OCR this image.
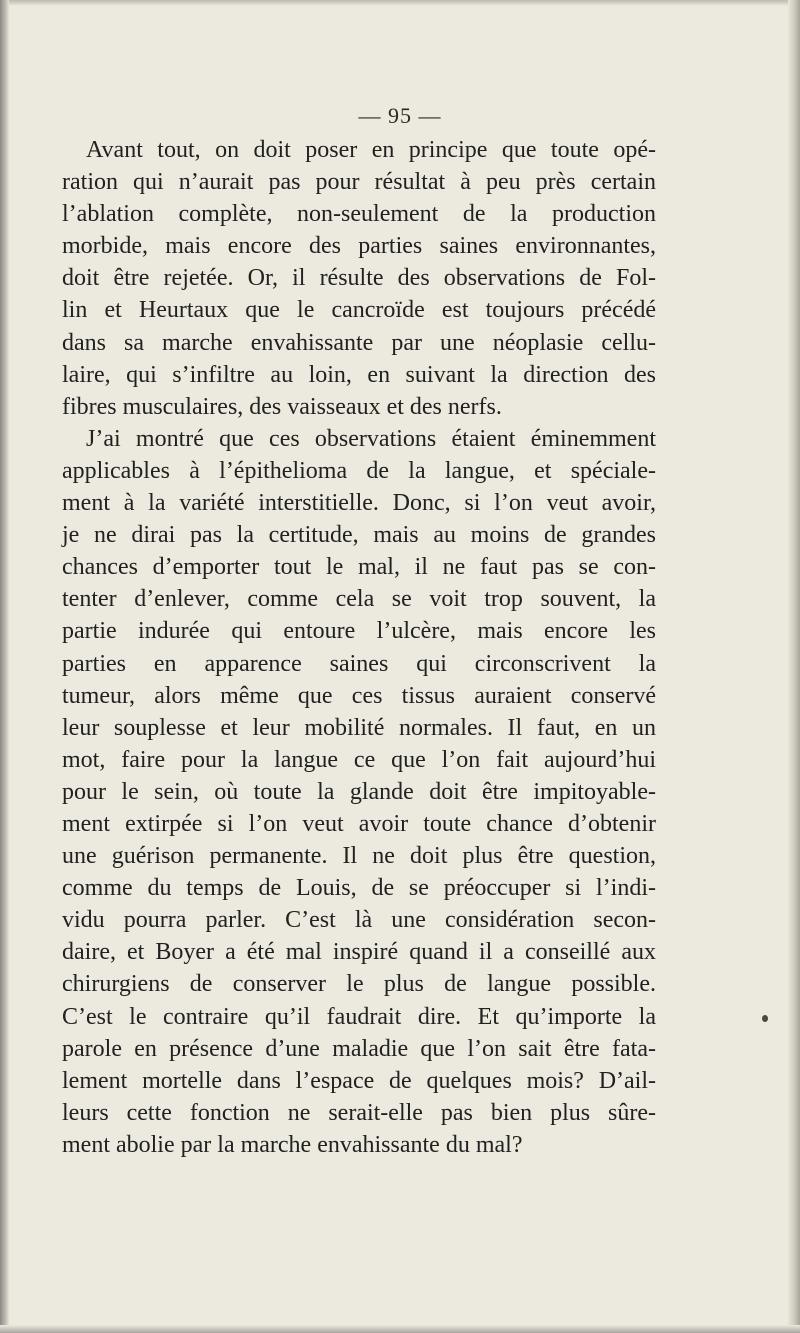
— 95 —
Avant tout, on doit poser en principe que toute opé-
ration qui n’aurait pas pour résultat à peu près certain
l’ablation complète, non-seulement de la production
morbide, mais encore des parties saines environnantes,
doit être rejetée. Or, il résulte des observations de Fol-
lin et Heurtaux que le cancroïde est toujours précédé
dans sa marche envahissante par une néoplasie cellu-
laire, qui s’infiltre au loin, en suivant la direction des
fibres musculaires, des vaisseaux et des nerfs.
J’ai montré que ces observations étaient éminemment
applicables à l’épithelioma de la langue, et spéciale-
ment à la variété interstitielle. Donc, si l’on veut avoir,
je ne dirai pas la certitude, mais au moins de grandes
chances d’emporter tout le mal, il ne faut pas se con-
tenter d’enlever, comme cela se voit trop souvent, la
partie indurée qui entoure l’ulcère, mais encore les
parties en apparence saines qui circonscrivent la
tumeur, alors même que ces tissus auraient conservé
leur souplesse et leur mobilité normales. Il faut, en un
mot, faire pour la langue ce que l’on fait aujourd’hui
pour le sein, où toute la glande doit être impitoyable-
ment extirpée si l’on veut avoir toute chance d’obtenir
une guérison permanente. Il ne doit plus être question,
comme du temps de Louis, de se préoccuper si l’indi-
vidu pourra parler. C’est là une considération secon-
daire, et Boyer a été mal inspiré quand il a conseillé aux
chirurgiens de conserver le plus de langue possible.
C’est le contraire qu’il faudrait dire. Et qu’importe la
parole en présence d’une maladie que l’on sait être fata-
lement mortelle dans l’espace de quelques mois? D’ail-
leurs cette fonction ne serait-elle pas bien plus sûre-
ment abolie par la marche envahissante du mal?
